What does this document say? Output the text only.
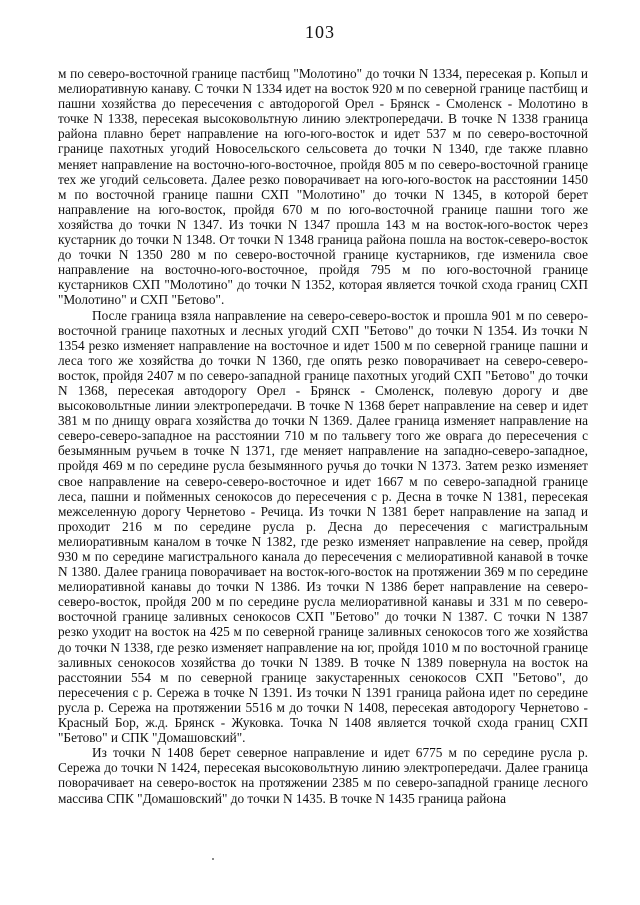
103

м по северо-восточной границе пастбищ "Молотино" до точки N 1334, пересекая р. Копыл и мелиоративную канаву. С точки N 1334 идет на восток 920 м по северной границе пастбищ и пашни хозяйства до пересечения с автодорогой Орел - Брянск - Смоленск - Молотино в точке N 1338, пересекая высоковольтную линию электропередачи. В точке N 1338 граница района плавно берет направление на юго-юго-восток и идет 537 м по северо-восточной границе пахотных угодий Новосельского сельсовета до точки N 1340, где также плавно меняет направление на восточно-юго-восточное, пройдя 805 м по северо-восточной границе тех же угодий сельсовета. Далее резко поворачивает на юго-юго-восток на расстоянии 1450 м по восточной границе пашни СХП "Молотино" до точки N 1345, в которой берет направление на юго-восток, пройдя 670 м по юго-восточной границе пашни того же хозяйства до точки N 1347. Из точки N 1347 прошла 143 м на восток-юго-восток через кустарник до точки N 1348. От точки N 1348 граница района пошла на восток-северо-восток до точки N 1350 280 м по северо-восточной границе кустарников, где изменила свое направление на восточно-юго-восточное, пройдя 795 м по юго-восточной границе кустарников СХП "Молотино" до точки N 1352, которая является точкой схода границ СХП "Молотино" и СХП "Бетово".

После граница взяла направление на северо-северо-восток и прошла 901 м по северо-восточной границе пахотных и лесных угодий СХП "Бетово" до точки N 1354. Из точки N 1354 резко изменяет направление на восточное и идет 1500 м по северной границе пашни и леса того же хозяйства до точки N 1360, где опять резко поворачивает на северо-северо-восток, пройдя 2407 м по северо-западной границе пахотных угодий СХП "Бетово" до точки N 1368, пересекая автодорогу Орел - Брянск - Смоленск, полевую дорогу и две высоковольтные линии электропередачи. В точке N 1368 берет направление на север и идет 381 м по днищу оврага хозяйства до точки N 1369. Далее граница изменяет направление на северо-северо-западное на расстоянии 710 м по тальвегу того же оврага до пересечения с безымянным ручьем в точке N 1371, где меняет направление на западно-северо-западное, пройдя 469 м по середине русла безымянного ручья до точки N 1373. Затем резко изменяет свое направление на северо-северо-восточное и идет 1667 м по северо-западной границе леса, пашни и пойменных сенокосов до пересечения с р. Десна в точке N 1381, пересекая межселенную дорогу Чернетово - Речица. Из точки N 1381 берет направление на запад и проходит 216 м по середине русла р. Десна до пересечения с магистральным мелиоративным каналом в точке N 1382, где резко изменяет направление на север, пройдя 930 м по середине магистрального канала до пересечения с мелиоративной канавой в точке N 1380. Далее граница поворачивает на восток-юго-восток на протяжении 369 м по середине мелиоративной канавы до точки N 1386. Из точки N 1386 берет направление на северо-северо-восток, пройдя 200 м по середине русла мелиоративной канавы и 331 м по северо-восточной границе заливных сенокосов СХП "Бетово" до точки N 1387. С точки N 1387 резко уходит на восток на 425 м по северной границе заливных сенокосов того же хозяйства до точки N 1338, где резко изменяет направление на юг, пройдя 1010 м по восточной границе заливных сенокосов хозяйства до точки N 1389. В точке N 1389 повернула на восток на расстоянии 554 м по северной границе закустаренных сенокосов СХП "Бетово", до пересечения с р. Сережа в точке N 1391. Из точки N 1391 граница района идет по середине русла р. Сережа на протяжении 5516 м до точки N 1408, пересекая автодорогу Чернетово - Красный Бор, ж.д. Брянск - Жуковка. Точка N 1408 является точкой схода границ СХП "Бетово" и СПК "Домашовский".

Из точки N 1408 берет северное направление и идет 6775 м по середине русла р. Сережа до точки N 1424, пересекая высоковольтную линию электропередачи. Далее граница поворачивает на северо-восток на протяжении 2385 м по северо-западной границе лесного массива СПК "Домашовский" до точки N 1435. В точке N 1435 граница района
